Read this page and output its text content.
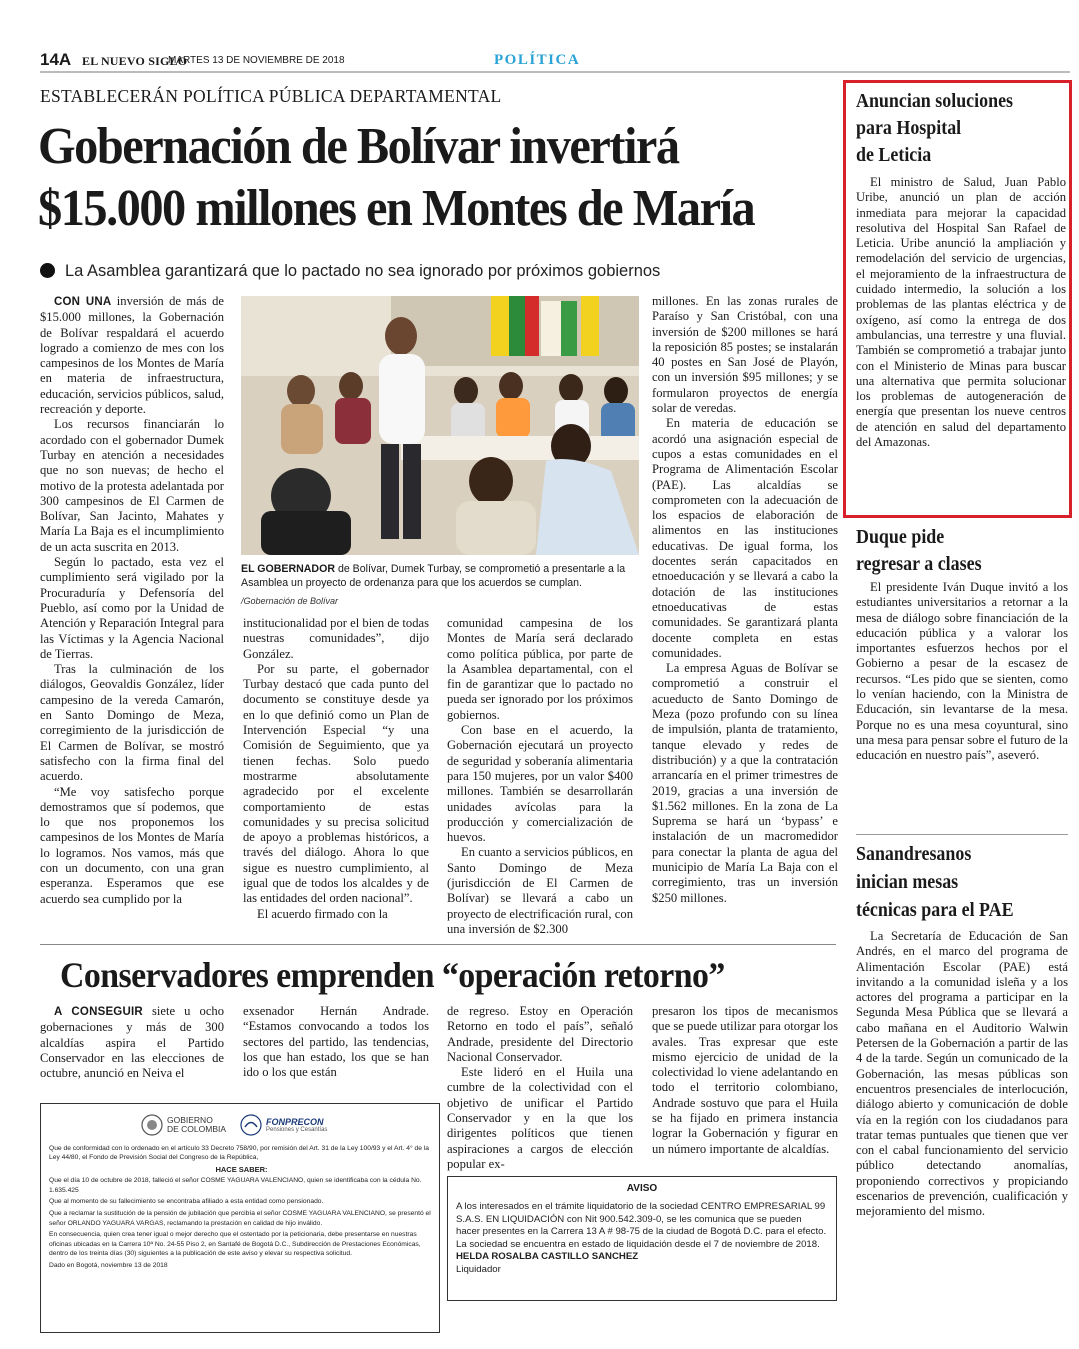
14A EL NUEVO SIGLO
MARTES 13 DE NOVIEMBRE DE 2018	POLÍTICA
ESTABLECERÁN POLÍTICA PÚBLICA DEPARTAMENTAL
Gobernación de Bolívar invertirá
$15.000 millones en Montes de María
La Asamblea garantizará que lo pactado no sea ignorado por próximos gobiernos

CON UNA inversión de más de $15.000 millones, la Gobernación de Bolívar respaldará el acuerdo logrado a comienzo de mes con los campesinos de los Montes de María en materia de infraestructura, educación, servicios públicos, salud, recreación y deporte.

Los recursos financiarán lo acordado con el gobernador Dumek Turbay en atención a necesidades que no son nuevas; de hecho el motivo de la protesta adelantada por 300 campesinos de El Carmen de Bolívar, San Jacinto, Mahates y María La Baja es el incumplimiento de un acta suscrita en 2013.

Según lo pactado, esta vez el cumplimiento será vigilado por la Procuraduría y Defensoría del Pueblo, así como por la Unidad de Atención y Reparación Integral para las Víctimas y la Agencia Nacional de Tierras.

Tras la culminación de los diálogos, Geovaldis González, líder campesino de la vereda Camarón, en Santo Domingo de Meza, corregimiento de la jurisdicción de El Carmen de Bolívar, se mostró satisfecho con la firma final del acuerdo.

“Me voy satisfecho porque demostramos que sí podemos, que lo que nos proponemos los campesinos de los Montes de María lo logramos. Nos vamos, más que con un documento, con una gran esperanza. Esperamos que ese acuerdo sea cumplido por la

EL GOBERNADOR de Bolívar, Dumek Turbay, se comprometió a presentarle a la Asamblea un proyecto de ordenanza para que los acuerdos se cumplan.
/Gobernación de Bolívar

institucionalidad por el bien de todas nuestras comunidades”, dijo González.

Por su parte, el gobernador Turbay destacó que cada punto del documento se constituye desde ya en lo que definió como un Plan de Intervención Especial “y una Comisión de Seguimiento, que ya tienen fechas. Solo puedo mostrarme absolutamente agradecido por el excelente comportamiento de estas comunidades y su precisa solicitud de apoyo a problemas históricos, a través del diálogo. Ahora lo que sigue es nuestro cumplimiento, al igual que de todos los alcaldes y de las entidades del orden nacional”.

El acuerdo firmado con la

comunidad campesina de los Montes de María será declarado como política pública, por parte de la Asamblea departamental, con el fin de garantizar que lo pactado no pueda ser ignorado por los próximos gobiernos.

Con base en el acuerdo, la Gobernación ejecutará un proyecto de seguridad y soberanía alimentaria para 150 mujeres, por un valor $400 millones. También se desarrollarán unidades avícolas para la producción y comercialización de huevos.

En cuanto a servicios públicos, en Santo Domingo de Meza (jurisdicción de El Carmen de Bolívar) se llevará a cabo un proyecto de electrificación rural, con una inversión de $2.300

millones. En las zonas rurales de Paraíso y San Cristóbal, con una inversión de $200 millones se hará la reposición 85 postes; se instalarán 40 postes en San José de Playón, con un inversión $95 millones; y se formularon proyectos de energía solar de veredas.

En materia de educación se acordó una asignación especial de cupos a estas comunidades en el Programa de Alimentación Escolar (PAE). Las alcaldías se comprometen con la adecuación de los espacios de elaboración de alimentos en las instituciones educativas. De igual forma, los docentes serán capacitados en etnoeducación y se llevará a cabo la dotación de las instituciones etnoeducativas de estas comunidades. Se garantizará planta docente completa en estas comunidades.

La empresa Aguas de Bolívar se comprometió a construir el acueducto de Santo Domingo de Meza (pozo profundo con su línea de impulsión, planta de tratamiento, tanque elevado y redes de distribución) y a que la contratación arrancaría en el primer trimestres de 2019, gracias a una inversión de $1.562 millones. En la zona de La Suprema se hará un ‘bypass’ e instalación de un macromedidor para conectar la planta de agua del municipio de María La Baja con el corregimiento, tras un inversión $250 millones.

Anuncian soluciones
para Hospital
de Leticia

El ministro de Salud, Juan Pablo Uribe, anunció un plan de acción inmediata para mejorar la capacidad resolutiva del Hospital San Rafael de Leticia. Uribe anunció la ampliación y remodelación del servicio de urgencias, el mejoramiento de la infraestructura de cuidado intermedio, la solución a los problemas de las plantas eléctrica y de oxígeno, así como la entrega de dos ambulancias, una terrestre y una fluvial. También se comprometió a trabajar junto con el Ministerio de Minas para buscar una alternativa que permita solucionar los problemas de autogeneración de energía que presentan los nueve centros de atención en salud del departamento del Amazonas.

Duque pide
regresar a clases

El presidente Iván Duque invitó a los estudiantes universitarios a retornar a la mesa de diálogo sobre financiación de la educación pública y a valorar los importantes esfuerzos hechos por el Gobierno a pesar de la escasez de recursos. “Les pido que se sienten, como lo venían haciendo, con la Ministra de Educación, sin levantarse de la mesa. Porque no es una mesa coyuntural, sino una mesa para pensar sobre el futuro de la educación en nuestro país”, aseveró.

Sanandresanos
inician mesas
técnicas para el PAE

La Secretaría de Educación de San Andrés, en el marco del programa de Alimentación Escolar (PAE) está invitando a la comunidad isleña y a los actores del programa a participar en la Segunda Mesa Pública que se llevará a cabo mañana en el Auditorio Walwin Petersen de la Gobernación a partir de las 4 de la tarde. Según un comunicado de la Gobernación, las mesas públicas son encuentros presenciales de interlocución, diálogo abierto y comunicación de doble vía en la región con los ciudadanos para tratar temas puntuales que tienen que ver con el cabal funcionamiento del servicio público detectando anomalías, proponiendo correctivos y propiciando escenarios de prevención, cualificación y mejoramiento del mismo.

Conservadores emprenden “operación retorno”

A CONSEGUIR siete u ocho gobernaciones y más de 300 alcaldías aspira el Partido Conservador en las elecciones de octubre, anunció en Neiva el

exsenador Hernán Andrade. “Estamos convocando a todos los sectores del partido, las tendencias, los que han estado, los que se han ido o los que están

de regreso. Estoy en Operación Retorno en todo el país”, señaló Andrade, presidente del Directorio Nacional Conservador.

Este lideró en el Huila una cumbre de la colectividad con el objetivo de unificar el Partido Conservador y en la que los dirigentes políticos que tienen aspiraciones a cargos de elección popular ex-

presaron los tipos de mecanismos que se puede utilizar para otorgar los avales. Tras expresar que este mismo ejercicio de unidad de la colectividad lo viene adelantando en todo el territorio colombiano, Andrade sostuvo que para el Huila se ha fijado en primera instancia lograr la Gobernación y figurar en un número importante de alcaldías.

GOBIERNO
DE COLOMBIA
FONPRECON
Pensiones y Cesantías

Que de conformidad con lo ordenado en el artículo 33 Decreto 758/90, por remisión del Art. 31 de la Ley 100/93 y el Art. 4° de la Ley 44/80, el Fondo de Previsión Social del Congreso de la República,

HACE SABER:

Que el día 10 de octubre de 2018, falleció el señor COSME YAGUARA VALENCIANO, quien se identificaba con la cédula No. 1.635.425

Que al momento de su fallecimiento se encontraba afiliado a esta entidad como pensionado.

Que a reclamar la sustitución de la pensión de jubilación que percibía el señor COSME YAGUARA VALENCIANO, se presentó el señor ORLANDO YAGUARA VARGAS, reclamando la prestación en calidad de hijo inválido.

En consecuencia, quien crea tener igual o mejor derecho que el ostentado por la peticionaria, debe presentarse en nuestras oficinas ubicadas en la Carrera 10ª No. 24-55 Piso 2, en Santafé de Bogotá D.C., Subdirección de Prestaciones Económicas, dentro de los treinta días (30) siguientes a la publicación de este aviso y elevar su respectiva solicitud.

Dado en Bogotá, noviembre 13 de 2018

AVISO
A los interesados en el trámite liquidatorio de la sociedad CENTRO EMPRESARIAL 99 S.A.S. EN LIQUIDACIÓN con Nit 900.542.309-0, se les comunica que se pueden hacer presentes en la Carrera 13 A # 98-75 de la ciudad de Bogotá D.C. para el efecto. La sociedad se encuentra en estado de liquidación desde el 7 de noviembre de 2018.
HELDA ROSALBA CASTILLO SANCHEZ
Liquidador
